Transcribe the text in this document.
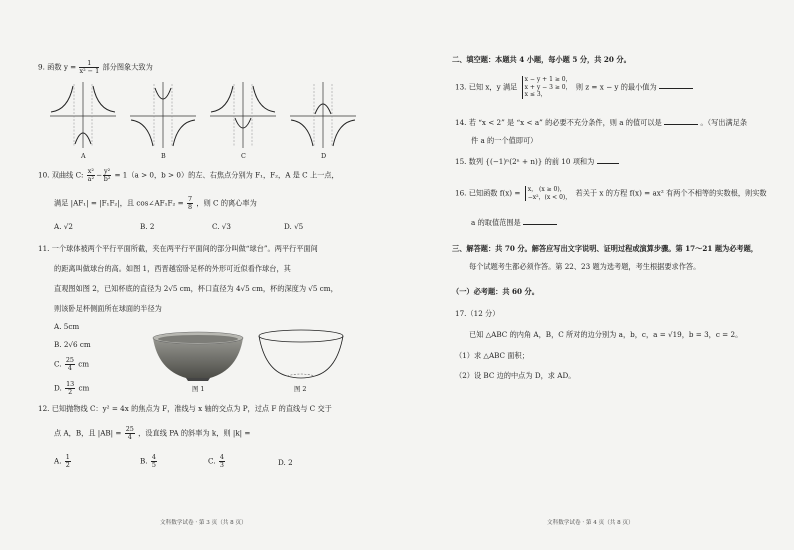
9. 函数 $y = \frac{1}{\text{x² − 1}}$ 部分图象大致为
A	B	C	D
10. 双曲线 C: $\frac{\text{x²}}{\text{a²}} - \frac{\text{y²}}{\text{b²}} = 1(a > 0$，b > 0）的左、右焦点分别为 F₁，F₂，A 是 C 上一点，
满足 |AF₁| = |F₁F₂|，且 cos∠AF₁F₂ = $\frac{7}{8}$ ，则 C 的离心率为
A. √2	B. 2	C. √3	D. √5
11. 一个球体被两个平行平面所截，夹在两平行平面间的部分叫做“球台”。两平行平面间
的距离叫做球台的高。如图 1，西晋越窑卧足杯的外形可近似看作球台，其
直观图如图 2，已知杯底的直径为 2√5 cm，杯口直径为 4√5 cm，杯的深度为 √5 cm，
则该卧足杯侧面所在球面的半径为
A. 5cm
B. 2√6 cm
C. $\frac{25}{4}$ cm
D. $\frac{13}{2}$ cm	图 1	图 2
12. 已知抛物线 C：y² = 4x 的焦点为 F，准线与 x 轴的交点为 P，过点 F 的直线与 C 交于
点 A，B，且 $|AB| = \frac{25}{4}$ ，设直线 PA 的斜率为 k，则 |k| =
A. $\frac{1}{2}$	B. $\frac{4}{5}$	C. $\frac{4}{3}$	D. 2
文科数学试卷 · 第 3 页（共 8 页）
二、填空题：本题共 4 小题，每小题 5 分，共 20 分。
13. 已知 x，y 满足
x − y + 1 ≥ 0，
x + y − 3 ≥ 0，
x ≤ 3，
则 z = x − y 的最小值为
14. 若 “x < 2” 是 “x < a” 的必要不充分条件，则 a 的值可以是	。（写出满足条
件 a 的一个值即可）
15. 数列 {(−1)ⁿ(2ⁿ + n)} 的前 10 项和为
16. 已知函数 f(x) = x， (x ≥ 0)，
−x²，(x < 0)， 若关于 x 的方程 f(x) = ax² 有两个不相等的实数根，则实数
a 的取值范围是
三、解答题：共 70 分。解答应写出文字说明、证明过程或演算步骤。第 17～21 题为必考题，
每个试题考生都必须作答。第 22、23 题为选考题，考生根据要求作答。
（一）必考题：共 60 分。
17.（12 分）
已知 △ABC 的内角 A，B，C 所对的边分别为 a，b，c，a = √19，b = 3，c = 2。
（1）求 △ABC 面积；
（2）设 BC 边的中点为 D，求 AD。
文科数学试卷 · 第 4 页（共 8 页）
